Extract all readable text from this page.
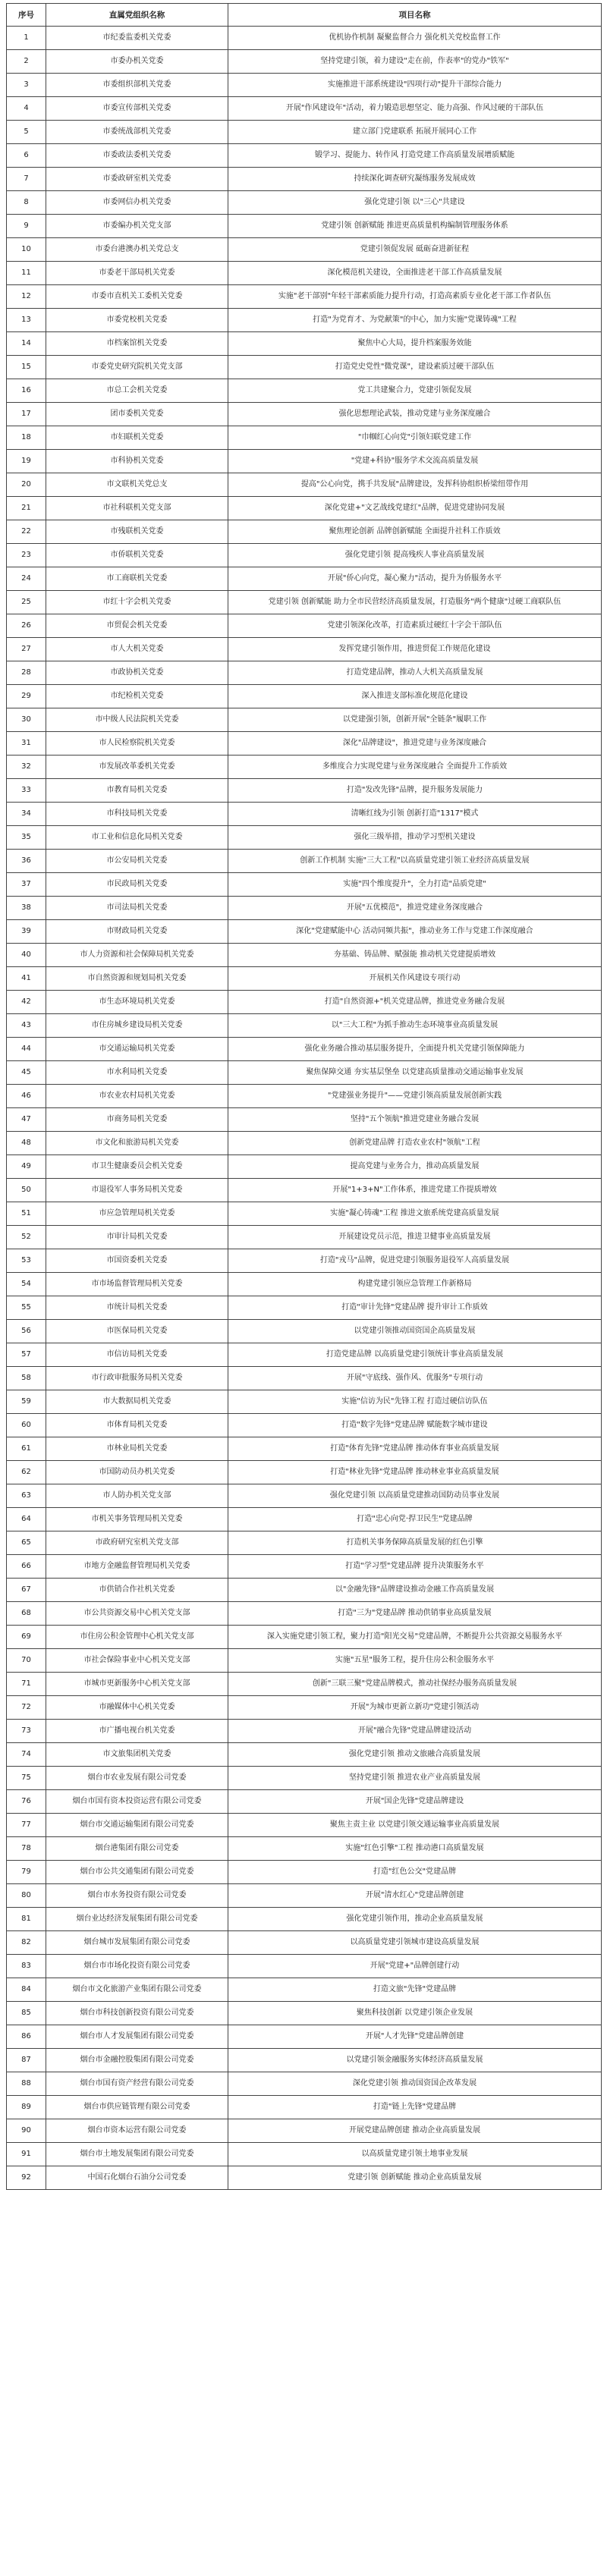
序号	直属党组织名称	项目名称
1	市纪委监委机关党委	优机协作机制 凝聚监督合力 强化机关党校监督工作
2	市委办机关党委	坚持党建引领，着力建设"走在前，作表率"的党办"铁军"
3	市委组织部机关党委	实施推进干部系统建设"四项行动"提升干部综合能力
4	市委宣传部机关党委	开展"作风建设年"活动，着力锻造思想坚定、能力高强、作风过硬的干部队伍
5	市委统战部机关党委	建立部门党建联系 拓展开展同心工作
6	市委政法委机关党委	锻学习、提能力、转作风 打造党建工作高质量发展增质赋能
7	市委政研室机关党委	持续深化调查研究凝练服务发展成效
8	市委网信办机关党委	强化党建引领 以"三心"共建设
9	市委编办机关党支部	党建引领 创新赋能 推进更高质量机构编制管理服务体系
10	市委台港澳办机关党总支	党建引领促发展 砥砺奋进新征程
11	市委老干部局机关党委	深化模范机关建设，全面推进老干部工作高质量发展
12	市委市直机关工委机关党委	实施"老干部别"年轻干部素质能力提升行动，打造高素质专业化老干部工作者队伍
13	市委党校机关党委	打造"为党育才、为党献策"的中心，加力实施"党课铸魂"工程
14	市档案馆机关党委	聚焦中心大局，提升档案服务效能
15	市委党史研究院机关党支部	打造党史党性"微党课"，建设素质过硬干部队伍
16	市总工会机关党委	党工共建聚合力，党建引领促发展
17	团市委机关党委	强化思想理论武装，推动党建与业务深度融合
18	市妇联机关党委	"巾帼红心向党"引领妇联党建工作
19	市科协机关党委	"党建+科协"服务学术交流高质量发展
20	市文联机关党总支	提高"公心向党，携手共发展"品牌建设，发挥科协组织桥梁纽带作用
21	市社科联机关党支部	深化党建+"文艺战线党建红"品牌，促进党建协同发展
22	市残联机关党委	聚焦理论创新 品牌创新赋能 全面提升社科工作质效
23	市侨联机关党委	强化党建引领 提高残疾人事业高质量发展
24	市工商联机关党委	开展"侨心向党，凝心聚力"活动，提升为侨服务水平
25	市红十字会机关党委	党建引领 创新赋能 助力全市民营经济高质量发展，打造服务"两个健康"过硬工商联队伍
26	市贸促会机关党委	党建引领深化改革，打造素质过硬红十字会干部队伍
27	市人大机关党委	发挥党建引领作用，推进贸促工作规范化建设
28	市政协机关党委	打造党建品牌，推动人大机关高质量发展
29	市纪检机关党委	深入推进支部标准化规范化建设
30	市中级人民法院机关党委	以党建强引领，创新开展"全链条"履职工作
31	市人民检察院机关党委	深化"品牌建设"，推进党建与业务深度融合
32	市发展改革委机关党委	多维度合力实现党建与业务深度融合 全面提升工作质效
33	市教育局机关党委	打造"发改先锋"品牌，提升服务发展能力
34	市科技局机关党委	清晰红线为引领 创新打造"1317"模式
35	市工业和信息化局机关党委	强化三级举措，推动学习型机关建设
36	市公安局机关党委	创新工作机制 实施"三大工程"以高质量党建引领工业经济高质量发展
37	市民政局机关党委	实施"四个维度提升"，全力打造"品质党建"
38	市司法局机关党委	开展"五优模范"，推进党建业务深度融合
39	市财政局机关党委	深化"党建赋能中心 活动同频共振"，推动业务工作与党建工作深度融合
40	市人力资源和社会保障局机关党委	夯基础、铸品牌、赋强能 推动机关党建提质增效
41	市自然资源和规划局机关党委	开展机关作风建设专项行动
42	市生态环境局机关党委	打造"自然资源+"机关党建品牌，推进党业务融合发展
43	市住房城乡建设局机关党委	以"三大工程"为抓手推动生态环境事业高质量发展
44	市交通运输局机关党委	强化业务融合推动基层服务提升，全面提升机关党建引领保障能力
45	市水利局机关党委	聚焦保障交通 夯实基层堡垒 以党建高质量推动交通运输事业发展
46	市农业农村局机关党委	"党建强业务提升"——党建引领高质量发展创新实践
47	市商务局机关党委	坚持"五个领航"推进党建业务融合发展
48	市文化和旅游局机关党委	创新党建品牌 打造农业农村"领航"工程
49	市卫生健康委员会机关党委	提高党建与业务合力，推动高质量发展
50	市退役军人事务局机关党委	开展"1+3+N"工作体系，推进党建工作提质增效
51	市应急管理局机关党委	实施"凝心铸魂"工程 推进文旅系统党建高质量发展
52	市审计局机关党委	开展建设党员示范，推进卫健事业高质量发展
53	市国资委机关党委	打造"戎马"品牌，促进党建引领服务退役军人高质量发展
54	市市场监督管理局机关党委	构建党建引领应急管理工作新格局
55	市统计局机关党委	打造"审计先锋"党建品牌 提升审计工作质效
56	市医保局机关党委	以党建引领推动国资国企高质量发展
57	市信访局机关党委	打造党建品牌 以高质量党建引领统计事业高质量发展
58	市行政审批服务局机关党委	开展"守底线、强作风、优服务"专项行动
59	市大数据局机关党委	实施"信访为民"先锋工程 打造过硬信访队伍
60	市体育局机关党委	打造"数字先锋"党建品牌 赋能数字城市建设
61	市林业局机关党委	打造"体育先锋"党建品牌 推动体育事业高质量发展
62	市国防动员办机关党委	打造"林业先锋"党建品牌 推动林业事业高质量发展
63	市人防办机关党支部	强化党建引领 以高质量党建推动国防动员事业发展
64	市机关事务管理局机关党委	打造"忠心向党·捍卫民生"党建品牌
65	市政府研究室机关党支部	打造机关事务保障高质量发展的红色引擎
66	市地方金融监督管理局机关党委	打造"学习型"党建品牌 提升决策服务水平
67	市供销合作社机关党委	以"金融先锋"品牌建设推动金融工作高质量发展
68	市公共资源交易中心机关党支部	打造"三为"党建品牌 推动供销事业高质量发展
69	市住房公积金管理中心机关党支部	深入实施党建引领工程，聚力打造"阳光交易"党建品牌，不断提升公共资源交易服务水平
70	市社会保险事业中心机关党支部	实施"五星"服务工程，提升住房公积金服务水平
71	市城市更新服务中心机关党支部	创新"三联三聚"党建品牌模式，推动社保经办服务高质量发展
72	市融媒体中心机关党委	开展"为城市更新立新功"党建引领活动
73	市广播电视台机关党委	开展"融合先锋"党建品牌建设活动
74	市文旅集团机关党委	强化党建引领 推动文旅融合高质量发展
75	烟台市农业发展有限公司党委	坚持党建引领 推进农业产业高质量发展
76	烟台市国有资本投资运营有限公司党委	开展"国企先锋"党建品牌建设
77	烟台市交通运输集团有限公司党委	聚焦主责主业 以党建引领交通运输事业高质量发展
78	烟台港集团有限公司党委	实施"红色引擎"工程 推动港口高质量发展
79	烟台市公共交通集团有限公司党委	打造"红色公交"党建品牌
80	烟台市水务投资有限公司党委	开展"清水红心"党建品牌创建
81	烟台业达经济发展集团有限公司党委	强化党建引领作用，推动企业高质量发展
82	烟台城市发展集团有限公司党委	以高质量党建引领城市建设高质量发展
83	烟台市市场化投资有限公司党委	开展"党建+"品牌创建行动
84	烟台市文化旅游产业集团有限公司党委	打造文旅"先锋"党建品牌
85	烟台市科技创新投资有限公司党委	聚焦科技创新 以党建引领企业发展
86	烟台市人才发展集团有限公司党委	开展"人才先锋"党建品牌创建
87	烟台市金融控股集团有限公司党委	以党建引领金融服务实体经济高质量发展
88	烟台市国有资产经营有限公司党委	深化党建引领 推动国资国企改革发展
89	烟台市供应链管理有限公司党委	打造"链上先锋"党建品牌
90	烟台市资本运营有限公司党委	开展党建品牌创建 推动企业高质量发展
91	烟台市土地发展集团有限公司党委	以高质量党建引领土地事业发展
92	中国石化烟台石油分公司党委	党建引领 创新赋能 推动企业高质量发展
